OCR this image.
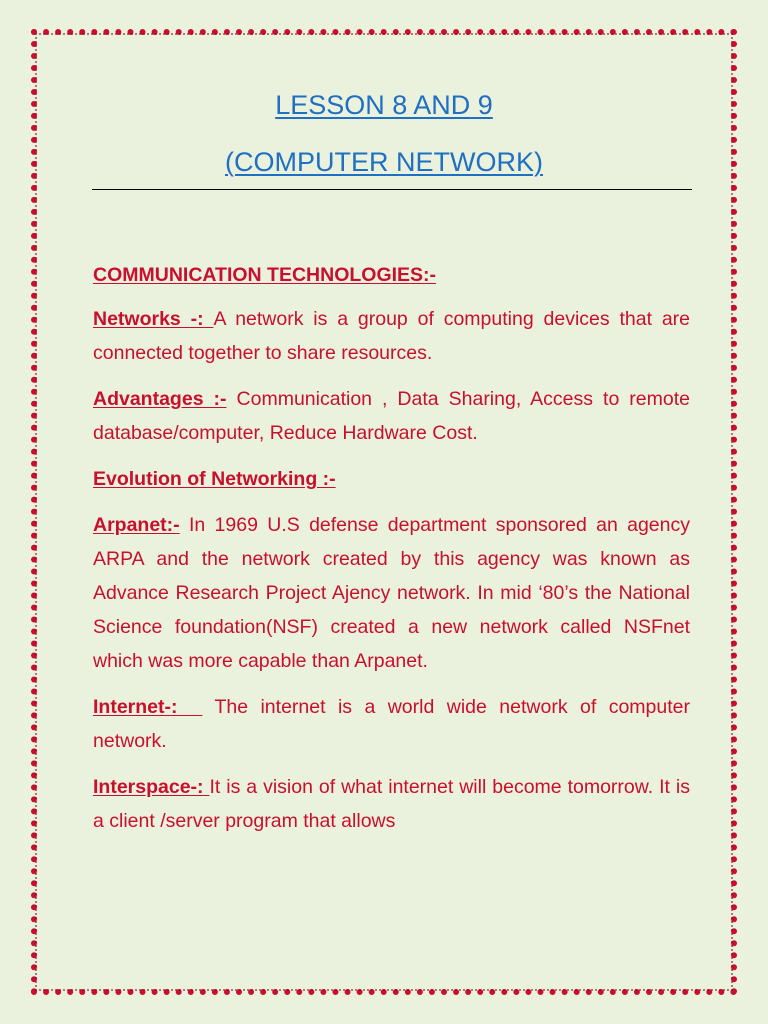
LESSON 8 AND 9
(COMPUTER NETWORK)

COMMUNICATION TECHNOLOGIES:-

Networks -: A network is a group of computing devices that are connected together to share resources.

Advantages :- Communication , Data Sharing, Access to remote database/computer, Reduce Hardware Cost.

Evolution of Networking :-

Arpanet:- In 1969 U.S defense department sponsored an agency ARPA and the network created by this agency was known as Advance Research Project Ajency network. In mid ‘80’s the National Science foundation(NSF) created a new network called NSFnet which was more capable than Arpanet.

Internet-:   The internet is a world wide network of computer network.

Interspace-: It is a vision of what internet will become tomorrow. It is a client /server program that allows
